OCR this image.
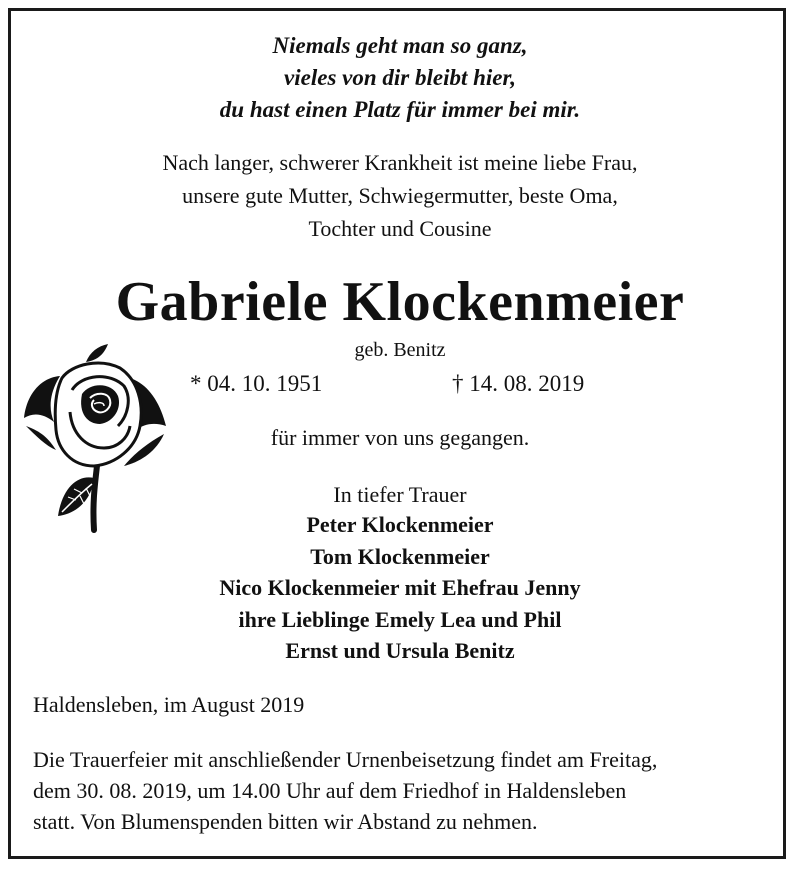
Niemals geht man so ganz,
vieles von dir bleibt hier,
du hast einen Platz für immer bei mir.
Nach langer, schwerer Krankheit ist meine liebe Frau,
unsere gute Mutter, Schwiegermutter, beste Oma,
Tochter und Cousine
Gabriele Klockenmeier
geb. Benitz
* 04. 10. 1951	† 14. 08. 2019
für immer von uns gegangen.
In tiefer Trauer
Peter Klockenmeier
Tom Klockenmeier
Nico Klockenmeier mit Ehefrau Jenny
ihre Lieblinge Emely Lea und Phil
Ernst und Ursula Benitz
Haldensleben, im August 2019
Die Trauerfeier mit anschließender Urnenbeisetzung findet am Freitag,
dem 30. 08. 2019, um 14.00 Uhr auf dem Friedhof in Haldensleben
statt. Von Blumenspenden bitten wir Abstand zu nehmen.
